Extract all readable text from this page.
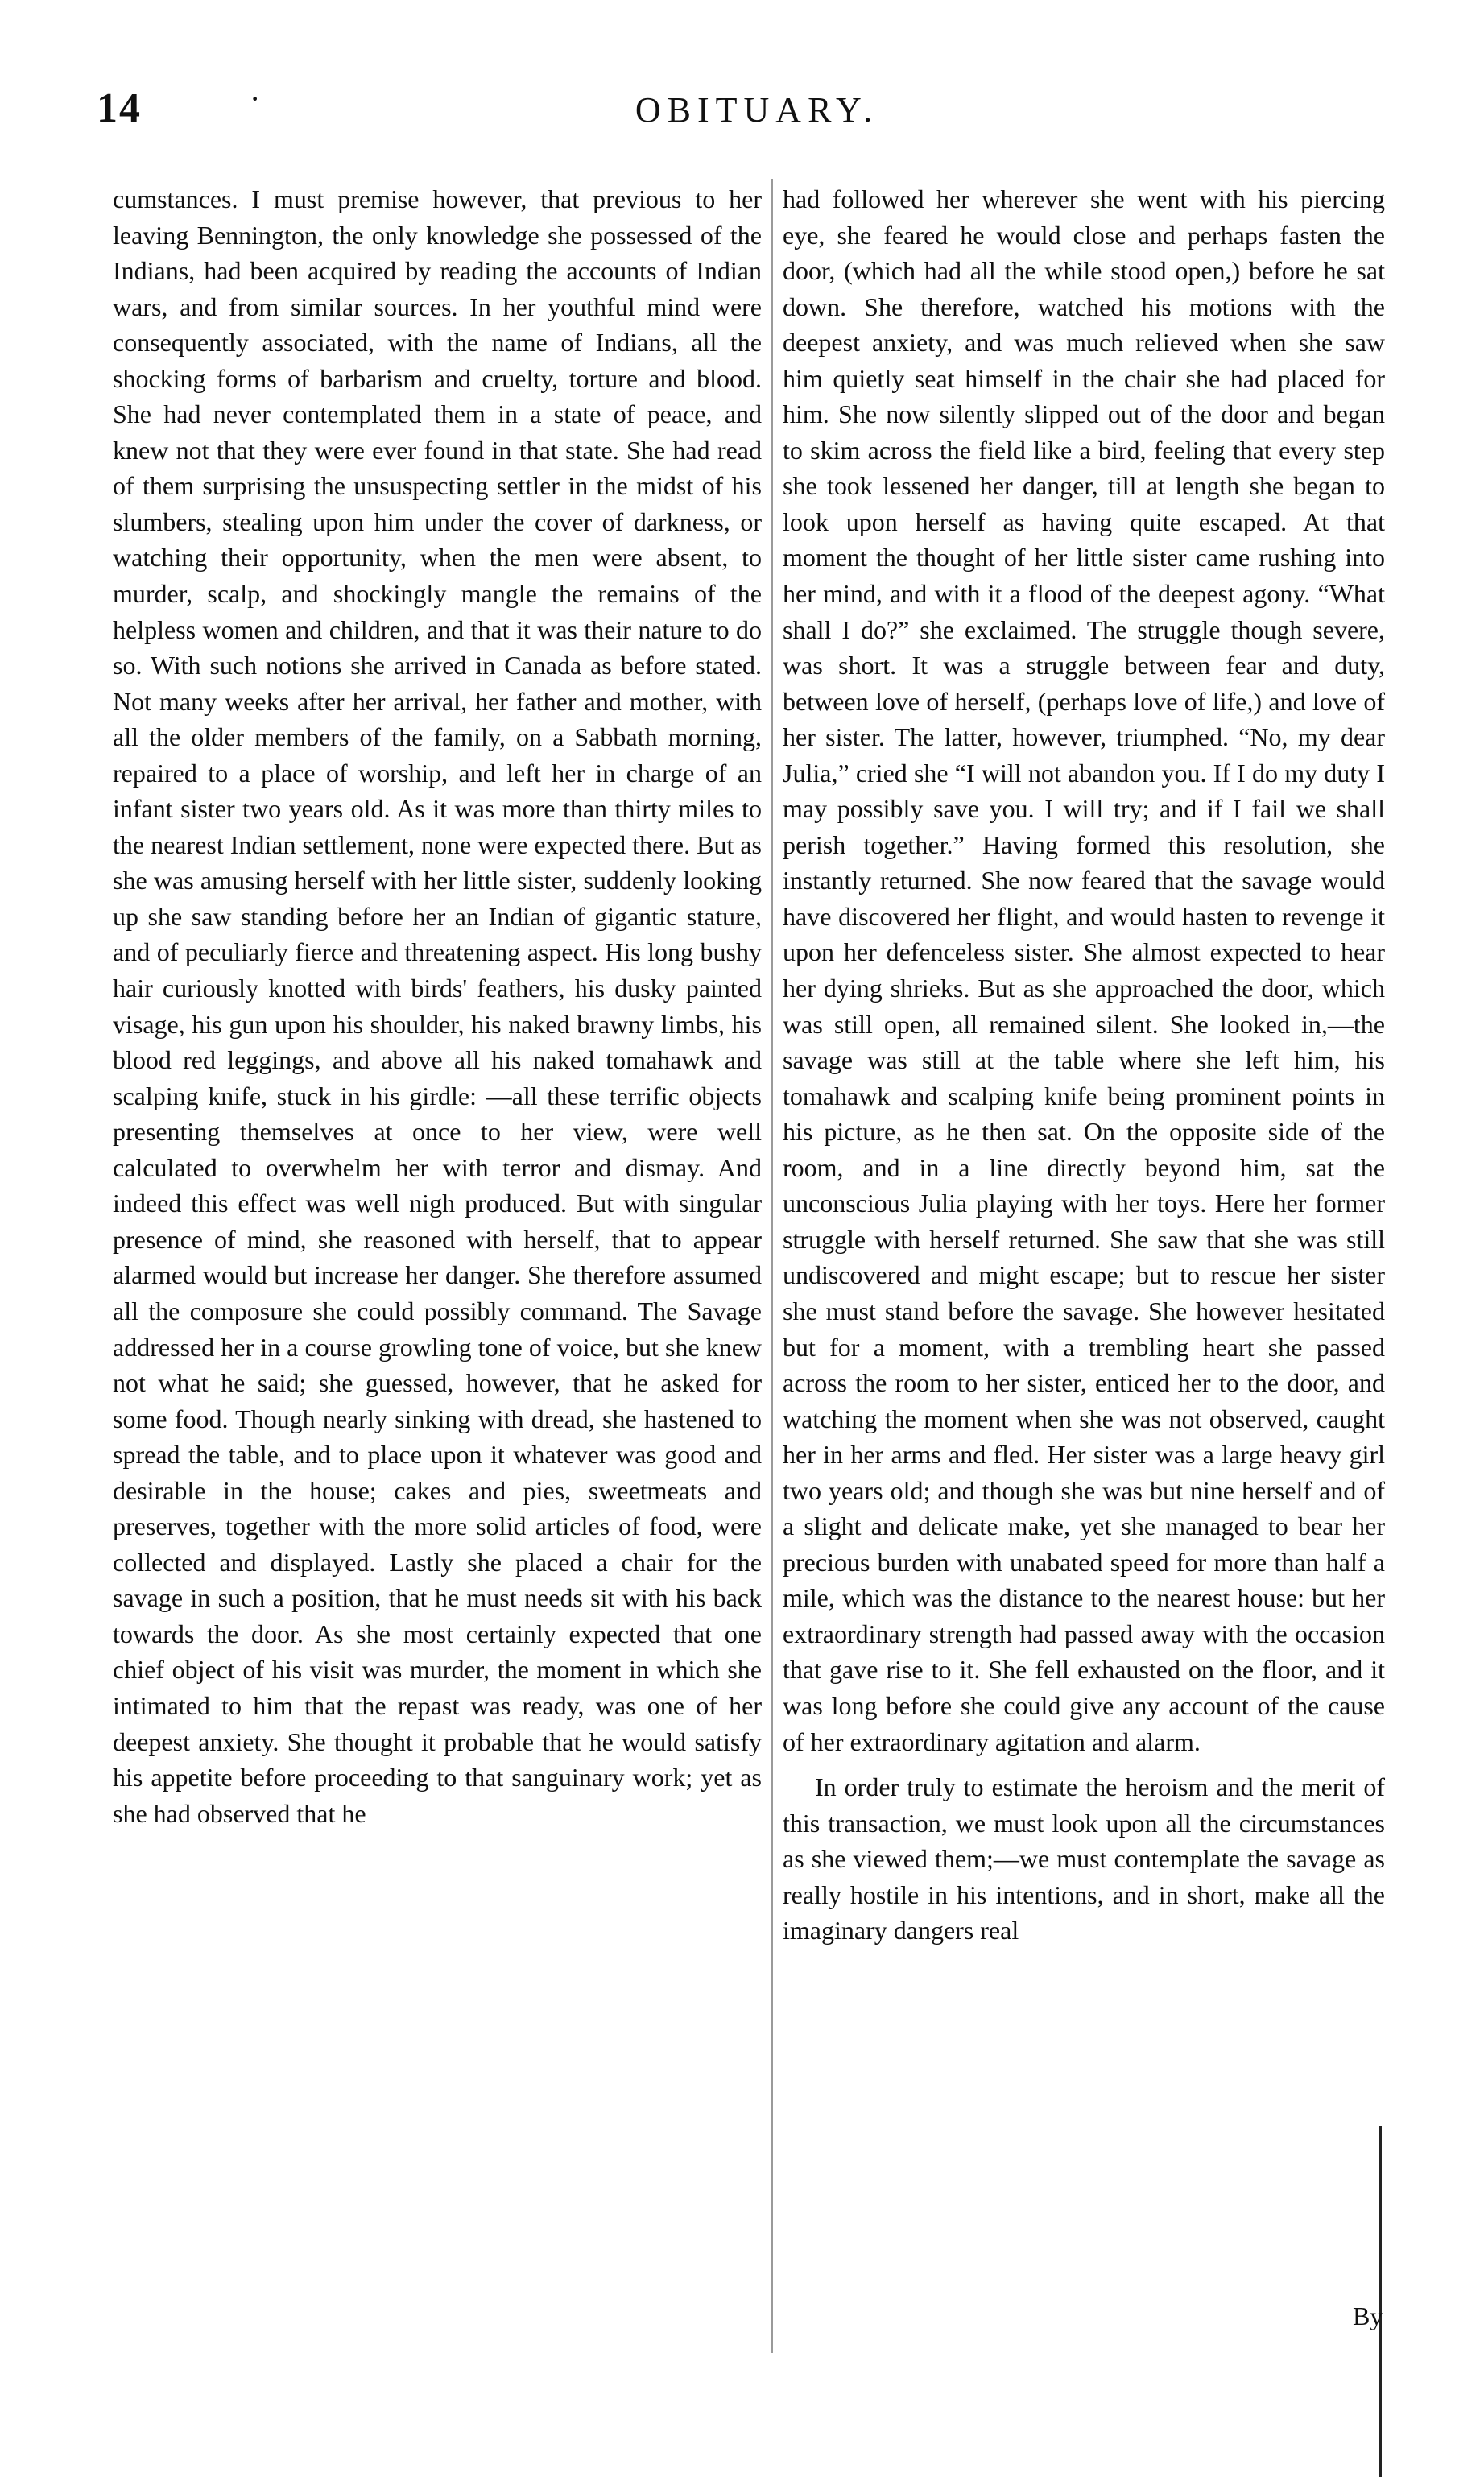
14	·	OBITUARY.

cumstances. I must premise however, that previous to her leaving Bennington, the only knowledge she possessed of the Indians, had been acquired by reading the accounts of Indian wars, and from similar sources. In her youthful mind were consequently associated, with the name of Indians, all the shocking forms of barbarism and cruelty, torture and blood. She had never contemplated them in a state of peace, and knew not that they were ever found in that state. She had read of them surprising the unsuspecting settler in the midst of his slumbers, stealing upon him under the cover of darkness, or watching their opportunity, when the men were absent, to murder, scalp, and shockingly mangle the remains of the helpless women and children, and that it was their nature to do so. With such notions she arrived in Canada as before stated. Not many weeks after her arrival, her father and mother, with all the older members of the family, on a Sabbath morning, repaired to a place of worship, and left her in charge of an infant sister two years old. As it was more than thirty miles to the nearest Indian settlement, none were expected there. But as she was amusing herself with her little sister, suddenly looking up she saw standing before her an Indian of gigantic stature, and of peculiarly fierce and threatening aspect. His long bushy hair curiously knotted with birds' feathers, his dusky painted visage, his gun upon his shoulder, his naked brawny limbs, his blood red leggings, and above all his naked tomahawk and scalping knife, stuck in his girdle: —all these terrific objects presenting themselves at once to her view, were well calculated to overwhelm her with terror and dismay. And indeed this effect was well nigh produced. But with singular presence of mind, she reasoned with herself, that to appear alarmed would but increase her danger. She therefore assumed all the composure she could possibly command. The Savage addressed her in a course growling tone of voice, but she knew not what he said; she guessed, however, that he asked for some food. Though nearly sinking with dread, she hastened to spread the table, and to place upon it whatever was good and desirable in the house; cakes and pies, sweetmeats and preserves, together with the more solid articles of food, were collected and displayed. Lastly she placed a chair for the savage in such a position, that he must needs sit with his back towards the door. As she most certainly expected that one chief object of his visit was murder, the moment in which she intimated to him that the repast was ready, was one of her deepest anxiety. She thought it probable that he would satisfy his appetite before proceeding to that sanguinary work; yet as she had observed that he

had followed her wherever she went with his piercing eye, she feared he would close and perhaps fasten the door, (which had all the while stood open,) before he sat down. She therefore, watched his motions with the deepest anxiety, and was much relieved when she saw him quietly seat himself in the chair she had placed for him. She now silently slipped out of the door and began to skim across the field like a bird, feeling that every step she took lessened her danger, till at length she began to look upon herself as having quite escaped. At that moment the thought of her little sister came rushing into her mind, and with it a flood of the deepest agony. “What shall I do?” she exclaimed. The struggle though severe, was short. It was a struggle between fear and duty, between love of herself, (perhaps love of life,) and love of her sister. The latter, however, triumphed. “No, my dear Julia,” cried she “I will not abandon you. If I do my duty I may possibly save you. I will try; and if I fail we shall perish together.” Having formed this resolution, she instantly returned. She now feared that the savage would have discovered her flight, and would hasten to revenge it upon her defenceless sister. She almost expected to hear her dying shrieks. But as she approached the door, which was still open, all remained silent. She looked in,—the savage was still at the table where she left him, his tomahawk and scalping knife being prominent points in his picture, as he then sat. On the opposite side of the room, and in a line directly beyond him, sat the unconscious Julia playing with her toys. Here her former struggle with herself returned. She saw that she was still undiscovered and might escape; but to rescue her sister she must stand before the savage. She however hesitated but for a moment, with a trembling heart she passed across the room to her sister, enticed her to the door, and watching the moment when she was not observed, caught her in her arms and fled. Her sister was a large heavy girl two years old; and though she was but nine herself and of a slight and delicate make, yet she managed to bear her precious burden with unabated speed for more than half a mile, which was the distance to the nearest house: but her extraordinary strength had passed away with the occasion that gave rise to it. She fell exhausted on the floor, and it was long before she could give any account of the cause of her extraordinary agitation and alarm.

In order truly to estimate the heroism and the merit of this transaction, we must look upon all the circumstances as she viewed them;—we must contemplate the savage as really hostile in his intentions, and in short, make all the imaginary dangers real

By
